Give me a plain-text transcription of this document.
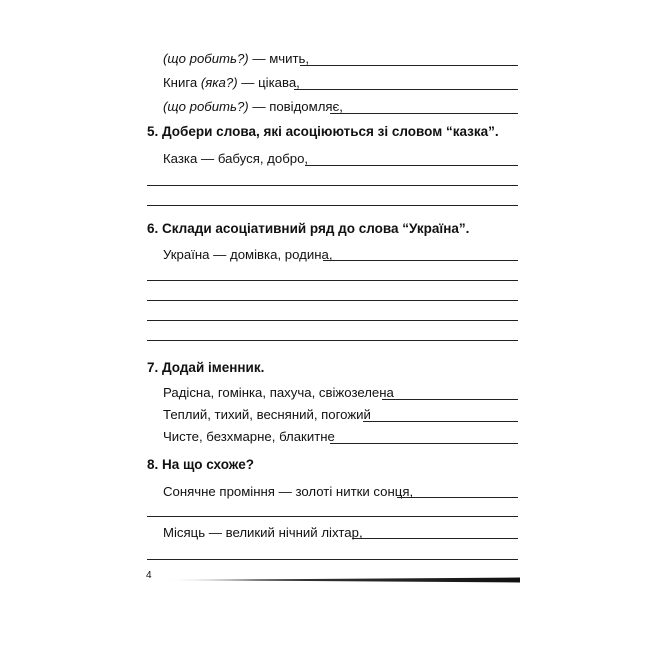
(що робить?) — мчить,
Книга (яка?) — цікава,
(що робить?) — повідомляє,
5. Добери слова, які асоціюються зі словом “казка”.
Казка — бабуся, добро,
6. Склади асоціативний ряд до слова “Україна”.
Україна — домівка, родина,
7. Додай іменник.
Радісна, гомінка, пахуча, свіжозелена
Теплий, тихий, весняний, погожий
Чисте, безхмарне, блакитне
8. На що схоже?
Сонячне проміння — золоті нитки сонця,
Місяць — великий нічний ліхтар,
4
